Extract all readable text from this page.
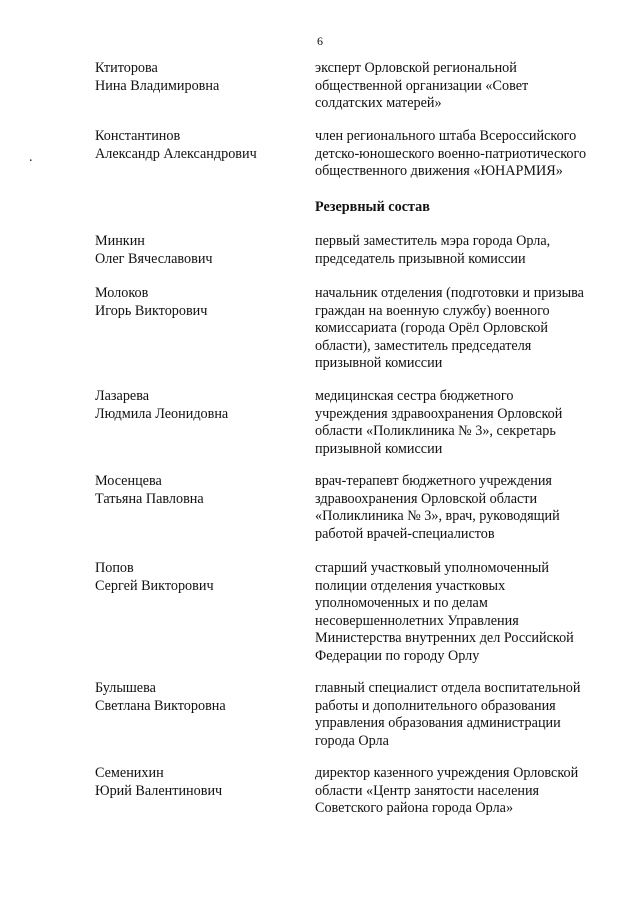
6
.
Ктиторова
Нина Владимировна
эксперт Орловской региональной
общественной организации «Совет
солдатских матерей»
Константинов
Александр Александрович
член регионального штаба Всероссийского
детско-юношеского военно-патриотического
общественного движения «ЮНАРМИЯ»
Резервный состав
Минкин
Олег Вячеславович
первый заместитель мэра города Орла,
председатель призывной комиссии
Молоков
Игорь Викторович
начальник отделения (подготовки и призыва
граждан на военную службу) военного
комиссариата (города Орёл Орловской
области), заместитель председателя
призывной комиссии
Лазарева
Людмила Леонидовна
медицинская сестра бюджетного
учреждения здравоохранения Орловской
области «Поликлиника № 3», секретарь
призывной комиссии
Мосенцева
Татьяна Павловна
врач-терапевт бюджетного учреждения
здравоохранения Орловской области
«Поликлиника № 3», врач, руководящий
работой врачей-специалистов
Попов
Сергей Викторович
старший участковый уполномоченный
полиции отделения участковых
уполномоченных и по делам
несовершеннолетних Управления
Министерства внутренних дел Российской
Федерации по городу Орлу
Булышева
Светлана Викторовна
главный специалист отдела воспитательной
работы и дополнительного образования
управления образования администрации
города Орла
Семенихин
Юрий Валентинович
директор казенного учреждения Орловской
области «Центр занятости населения
Советского района города Орла»
